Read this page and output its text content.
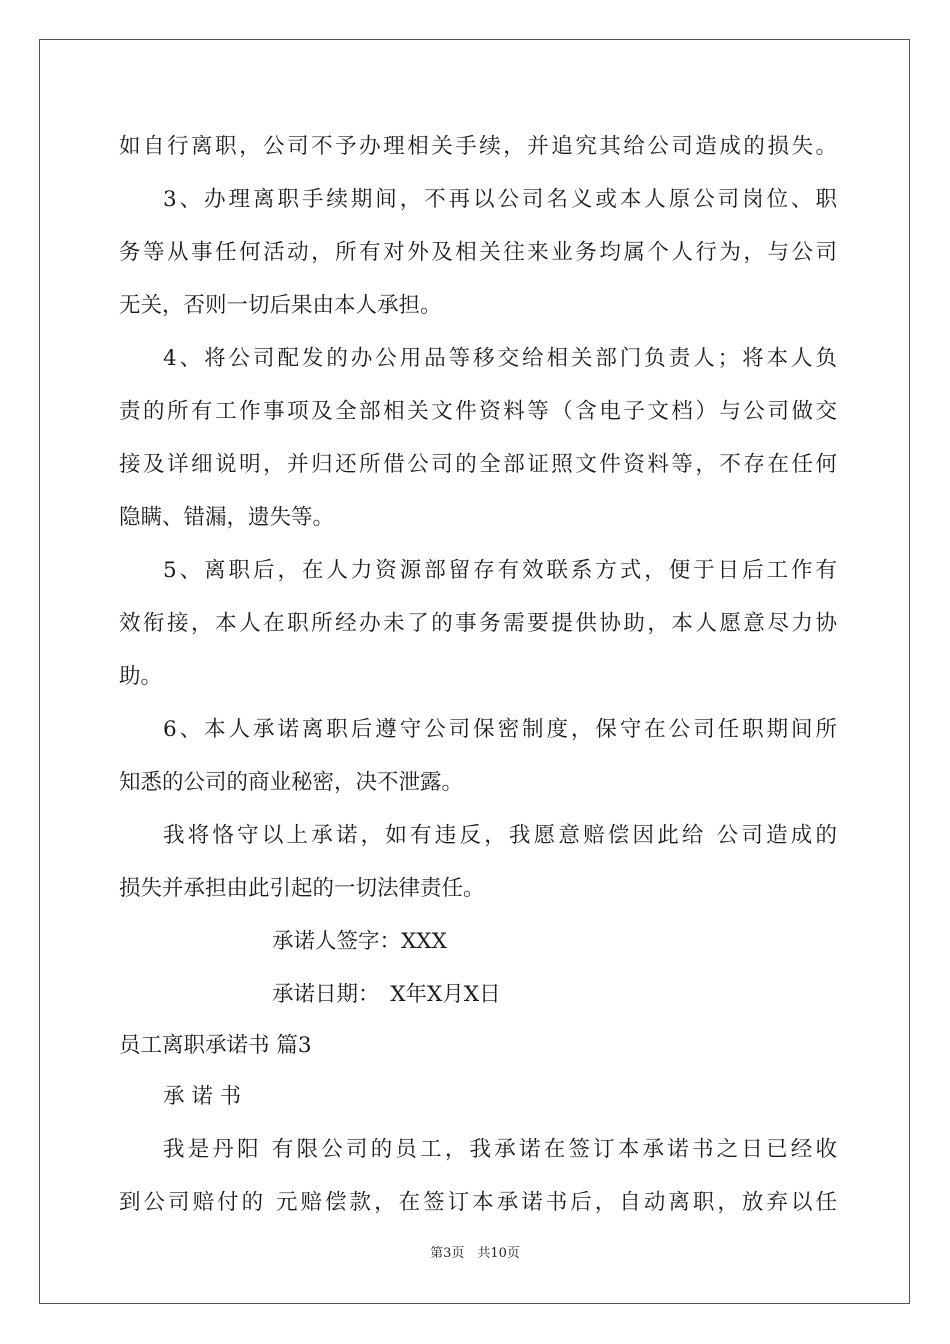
如自行离职，公司不予办理相关手续，并追究其给公司造成的损失。
3、办理离职手续期间，不再以公司名义或本人原公司岗位、职
务等从事任何活动，所有对外及相关往来业务均属个人行为，与公司
无关，否则一切后果由本人承担。
4、将公司配发的办公用品等移交给相关部门负责人；将本人负
责的所有工作事项及全部相关文件资料等（含电子文档）与公司做交
接及详细说明，并归还所借公司的全部证照文件资料等，不存在任何
隐瞒、错漏，遗失等。
5、离职后，在人力资源部留存有效联系方式，便于日后工作有
效衔接，本人在职所经办未了的事务需要提供协助，本人愿意尽力协
助。
6、本人承诺离职后遵守公司保密制度，保守在公司任职期间所
知悉的公司的商业秘密，决不泄露。
我将恪守以上承诺，如有违反，我愿意赔偿因此给 公司造成的
损失并承担由此引起的一切法律责任。
承诺人签字：XXX
承诺日期：　X年X月X日
员工离职承诺书 篇3
承 诺 书
我是丹阳 有限公司的员工，我承诺在签订本承诺书之日已经收
到公司赔付的 元赔偿款，在签订本承诺书后，自动离职，放弃以任
第3页　共10页
